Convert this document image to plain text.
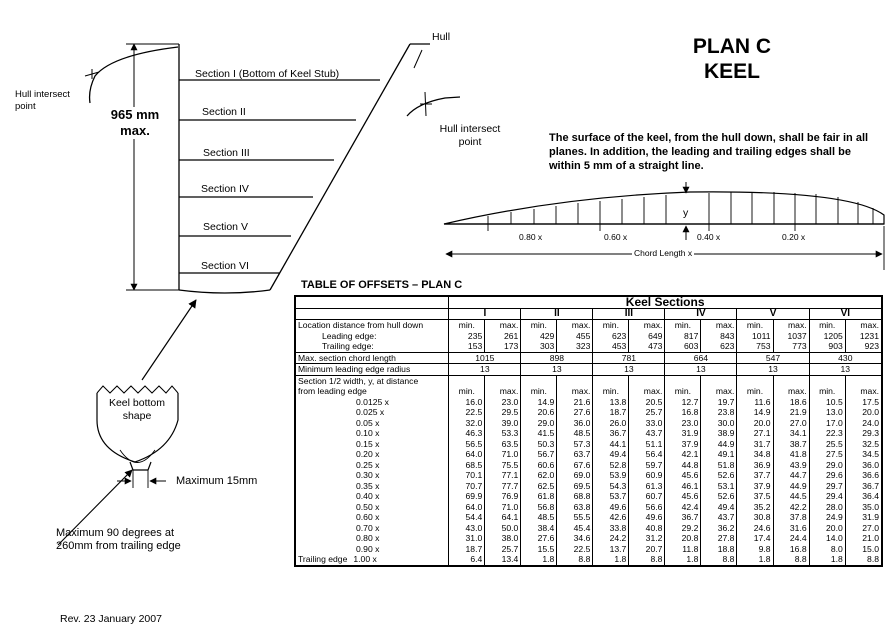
PLAN C
KEEL
The surface of the keel, from the hull down, shall be fair in all planes. In addition, the leading and trailing edges shall be within 5 mm of a straight line.
Hull intersect point
965 mm
max.
Hull
Hull intersect point
Section I (Bottom of Keel Stub)
Section II
Section III
Section IV
Section V
Section VI
y
0.80 x	0.60 x	0.40 x	0.20 x
Chord Length x
Keel bottom shape
Maximum 15mm
Maximum 90 degrees at 260mm from trailing edge
Rev. 23 January 2007
TABLE OF OFFSETS – PLAN C
	Keel Sections											
	I		II		III		IV		V		VI	
Location distance from hull down	min.	max.	min.	max.	min.	max.	min.	max.	min.	max.	min.	max.
Leading edge:	235	261	429	455	623	649	817	843	1011	1037	1205	1231
Trailing edge:	153	173	303	323	453	473	603	623	753	773	903	923
Max. section chord length	1015		898		781		664		547		430	
Minimum leading edge radius	13		13		13		13		13		13	
Section 1/2 width, y, at distance												
from leading edge	min.	max.	min.	max.	min.	max.	min.	max.	min.	max.	min.	max.
0.0125 x	16.0	23.0	14.9	21.6	13.8	20.5	12.7	19.7	11.6	18.6	10.5	17.5
0.025 x	22.5	29.5	20.6	27.6	18.7	25.7	16.8	23.8	14.9	21.9	13.0	20.0
0.05 x	32.0	39.0	29.0	36.0	26.0	33.0	23.0	30.0	20.0	27.0	17.0	24.0
0.10 x	46.3	53.3	41.5	48.5	36.7	43.7	31.9	38.9	27.1	34.1	22.3	29.3
0.15 x	56.5	63.5	50.3	57.3	44.1	51.1	37.9	44.9	31.7	38.7	25.5	32.5
0.20 x	64.0	71.0	56.7	63.7	49.4	56.4	42.1	49.1	34.8	41.8	27.5	34.5
0.25 x	68.5	75.5	60.6	67.6	52.8	59.7	44.8	51.8	36.9	43.9	29.0	36.0
0.30 x	70.1	77.1	62.0	69.0	53.9	60.9	45.6	52.6	37.7	44.7	29.6	36.6
0.35 x	70.7	77.7	62.5	69.5	54.3	61.3	46.1	53.1	37.9	44.9	29.7	36.7
0.40 x	69.9	76.9	61.8	68.8	53.7	60.7	45.6	52.6	37.5	44.5	29.4	36.4
0.50 x	64.0	71.0	56.8	63.8	49.6	56.6	42.4	49.4	35.2	42.2	28.0	35.0
0.60 x	54.4	64.1	48.5	55.5	42.6	49.6	36.7	43.7	30.8	37.8	24.9	31.9
0.70 x	43.0	50.0	38.4	45.4	33.8	40.8	29.2	36.2	24.6	31.6	20.0	27.0
0.80 x	31.0	38.0	27.6	34.6	24.2	31.2	20.8	27.8	17.4	24.4	14.0	21.0
0.90 x	18.7	25.7	15.5	22.5	13.7	20.7	11.8	18.8	9.8	16.8	8.0	15.0
Trailing edge 1.00 x	6.4	13.4	1.8	8.8	1.8	8.8	1.8	8.8	1.8	8.8	1.8	8.8
